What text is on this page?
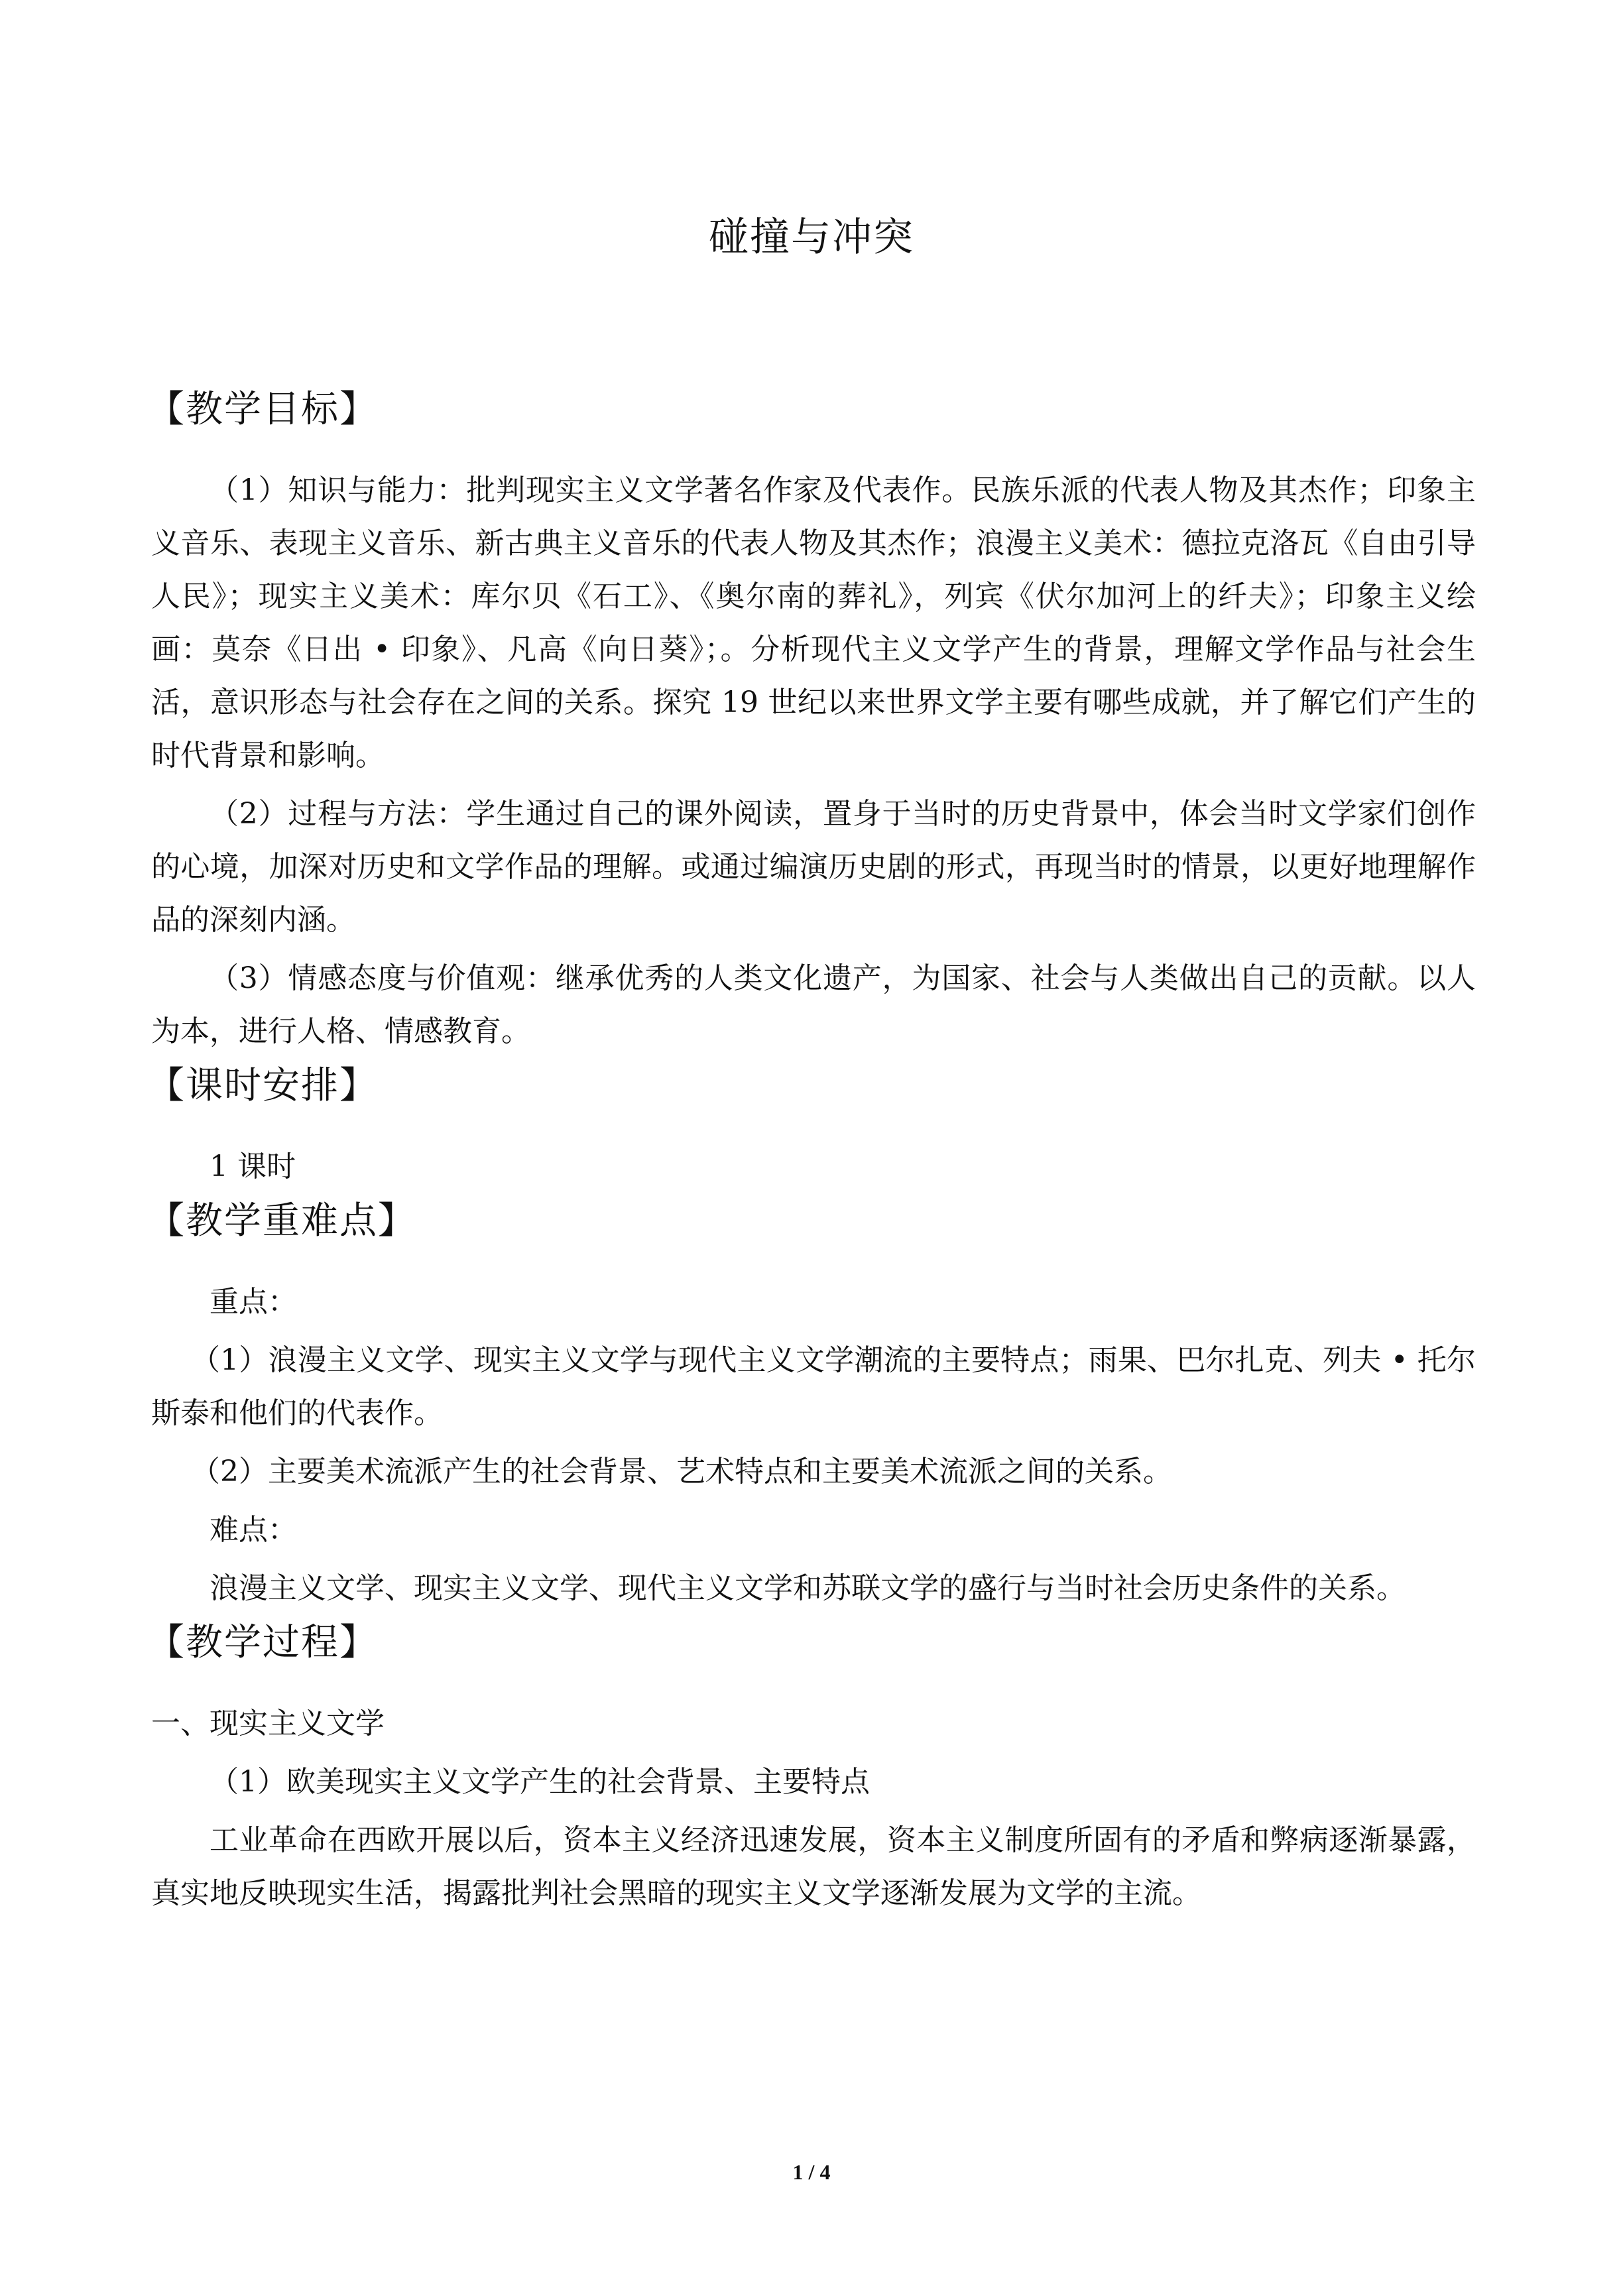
碰撞与冲突
【教学目标】

（1）知识与能力：批判现实主义文学著名作家及代表作。民族乐派的代表人物及其杰作；印象主义音乐、表现主义音乐、新古典主义音乐的代表人物及其杰作；浪漫主义美术：德拉克洛瓦《自由引导人民》；现实主义美术：库尔贝《石工》、《奥尔南的葬礼》，列宾《伏尔加河上的纤夫》；印象主义绘画：莫奈《日出 • 印象》、凡高《向日葵》；。分析现代主义文学产生的背景，理解文学作品与社会生活，意识形态与社会存在之间的关系。探究 19 世纪以来世界文学主要有哪些成就，并了解它们产生的时代背景和影响。

（2）过程与方法：学生通过自己的课外阅读，置身于当时的历史背景中，体会当时文学家们创作的心境，加深对历史和文学作品的理解。或通过编演历史剧的形式，再现当时的情景，以更好地理解作品的深刻内涵。

（3）情感态度与价值观：继承优秀的人类文化遗产，为国家、社会与人类做出自己的贡献。以人为本，进行人格、情感教育。

【课时安排】

1 课时

【教学重难点】

重点：

（1）浪漫主义文学、现实主义文学与现代主义文学潮流的主要特点；雨果、巴尔扎克、列夫 • 托尔斯泰和他们的代表作。

（2）主要美术流派产生的社会背景、艺术特点和主要美术流派之间的关系。

难点：

浪漫主义文学、现实主义文学、现代主义文学和苏联文学的盛行与当时社会历史条件的关系。

【教学过程】

一、现实主义文学

（1）欧美现实主义文学产生的社会背景、主要特点

工业革命在西欧开展以后，资本主义经济迅速发展，资本主义制度所固有的矛盾和弊病逐渐暴露，真实地反映现实生活，揭露批判社会黑暗的现实主义文学逐渐发展为文学的主流。

1 / 4
